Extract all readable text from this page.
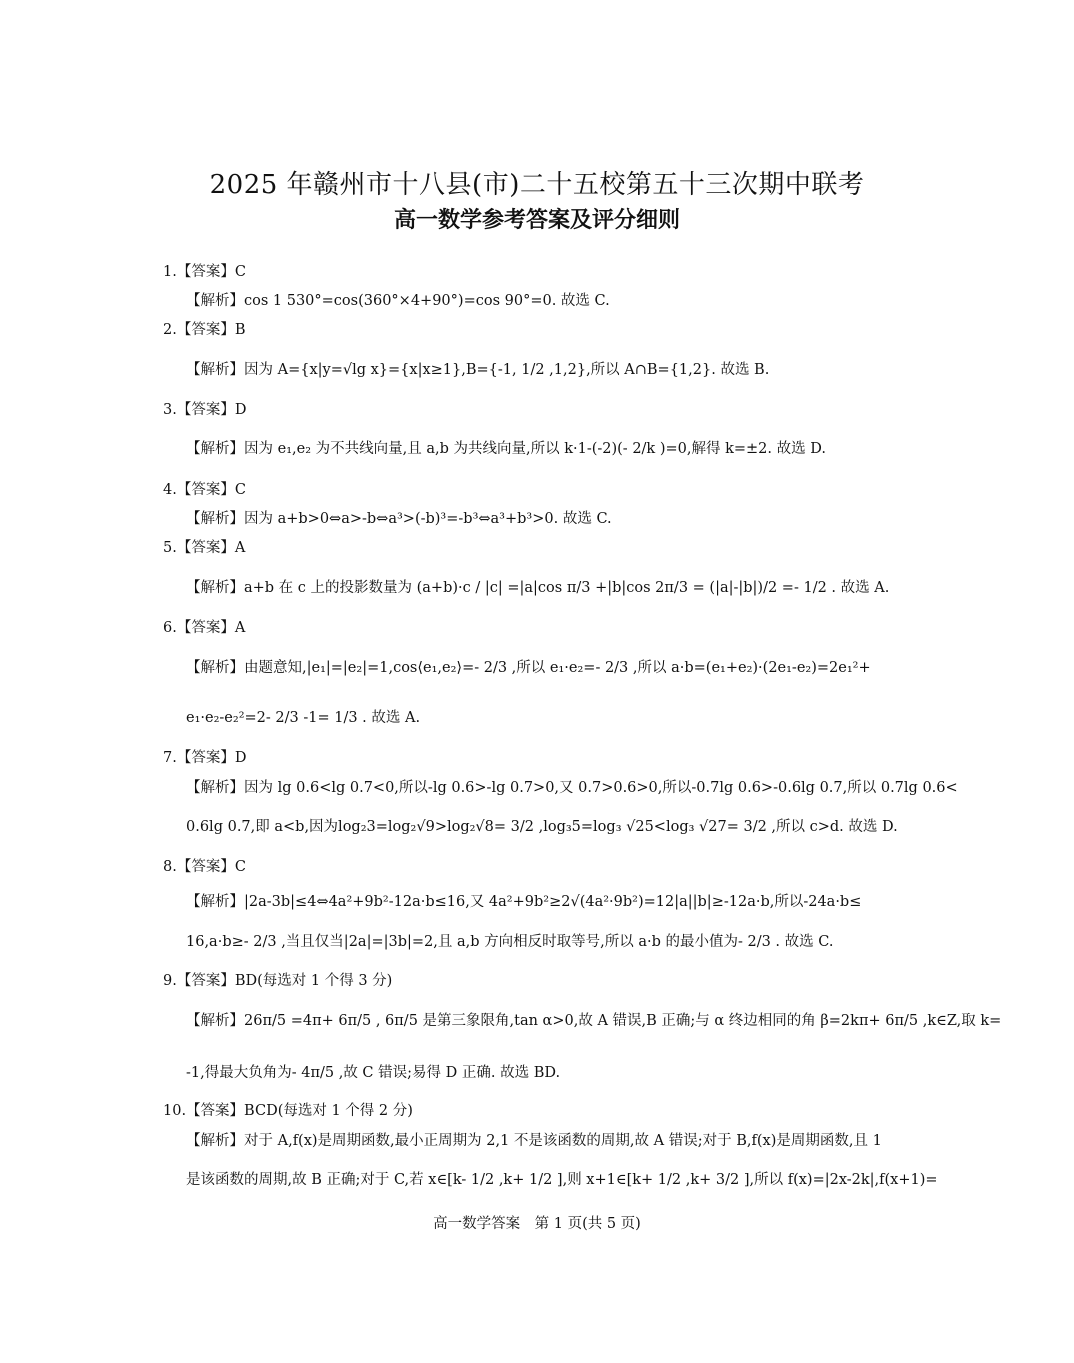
2025 年赣州市十八县(市)二十五校第五十三次期中联考
高一数学参考答案及评分细则
1.【答案】C
【解析】cos 1 530°=cos(360°×4+90°)=cos 90°=0. 故选 C.
2.【答案】B
【解析】因为 A={x|y=√lg x}={x|x≥1},B={-1, 1/2 ,1,2},所以 A∩B={1,2}. 故选 B.
3.【答案】D
【解析】因为 e₁,e₂ 为不共线向量,且 a,b 为共线向量,所以 k·1-(-2)(- 2/k )=0,解得 k=±2. 故选 D.
4.【答案】C
【解析】因为 a+b>0⇔a>-b⇔a³>(-b)³=-b³⇔a³+b³>0. 故选 C.
5.【答案】A
【解析】a+b 在 c 上的投影数量为 (a+b)·c / |c| =|a|cos π/3 +|b|cos 2π/3 = (|a|-|b|)/2 =- 1/2 . 故选 A.
6.【答案】A
【解析】由题意知,|e₁|=|e₂|=1,cos⟨e₁,e₂⟩=- 2/3 ,所以 e₁·e₂=- 2/3 ,所以 a·b=(e₁+e₂)·(2e₁-e₂)=2e₁²+
e₁·e₂-e₂²=2- 2/3 -1= 1/3 . 故选 A.
7.【答案】D
【解析】因为 lg 0.6<lg 0.7<0,所以-lg 0.6>-lg 0.7>0,又 0.7>0.6>0,所以-0.7lg 0.6>-0.6lg 0.7,所以 0.7lg 0.6<
0.6lg 0.7,即 a<b,因为log₂3=log₂√9>log₂√8= 3/2 ,log₃5=log₃ √25<log₃ √27= 3/2 ,所以 c>d. 故选 D.
8.【答案】C
【解析】|2a-3b|≤4⇔4a²+9b²-12a·b≤16,又 4a²+9b²≥2√(4a²·9b²)=12|a||b|≥-12a·b,所以-24a·b≤
16,a·b≥- 2/3 ,当且仅当|2a|=|3b|=2,且 a,b 方向相反时取等号,所以 a·b 的最小值为- 2/3 . 故选 C.
9.【答案】BD(每选对 1 个得 3 分)
【解析】26π/5 =4π+ 6π/5 , 6π/5 是第三象限角,tan α>0,故 A 错误,B 正确;与 α 终边相同的角 β=2kπ+ 6π/5 ,k∈Z,取 k=
-1,得最大负角为- 4π/5 ,故 C 错误;易得 D 正确. 故选 BD.
10.【答案】BCD(每选对 1 个得 2 分)
【解析】对于 A,f(x)是周期函数,最小正周期为 2,1 不是该函数的周期,故 A 错误;对于 B,f(x)是周期函数,且 1
是该函数的周期,故 B 正确;对于 C,若 x∈[k- 1/2 ,k+ 1/2 ],则 x+1∈[k+ 1/2 ,k+ 3/2 ],所以 f(x)=|2x-2k|,f(x+1)=
高一数学答案　第 1 页(共 5 页)
